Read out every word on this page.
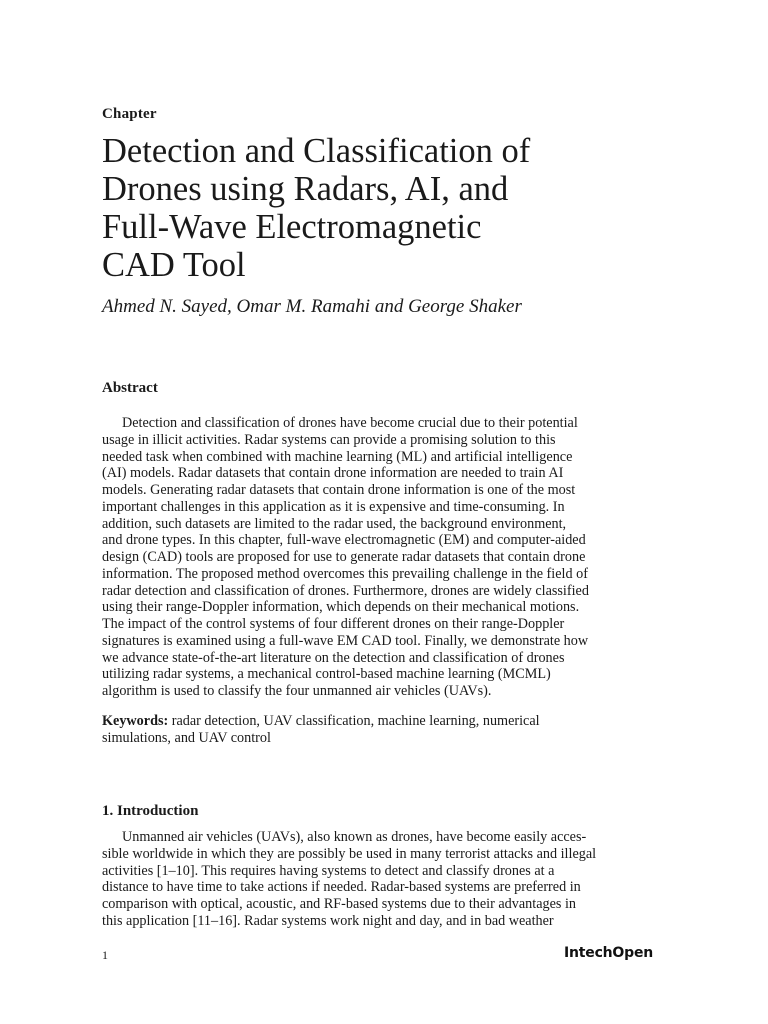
Chapter
Detection and Classification of
Drones using Radars, AI, and
Full-Wave Electromagnetic
CAD Tool
Ahmed N. Sayed, Omar M. Ramahi and George Shaker
Abstract
Detection and classification of drones have become crucial due to their potential
usage in illicit activities. Radar systems can provide a promising solution to this
needed task when combined with machine learning (ML) and artificial intelligence
(AI) models. Radar datasets that contain drone information are needed to train AI
models. Generating radar datasets that contain drone information is one of the most
important challenges in this application as it is expensive and time-consuming. In
addition, such datasets are limited to the radar used, the background environment,
and drone types. In this chapter, full-wave electromagnetic (EM) and computer-aided
design (CAD) tools are proposed for use to generate radar datasets that contain drone
information. The proposed method overcomes this prevailing challenge in the field of
radar detection and classification of drones. Furthermore, drones are widely classified
using their range-Doppler information, which depends on their mechanical motions.
The impact of the control systems of four different drones on their range-Doppler
signatures is examined using a full-wave EM CAD tool. Finally, we demonstrate how
we advance state-of-the-art literature on the detection and classification of drones
utilizing radar systems, a mechanical control-based machine learning (MCML)
algorithm is used to classify the four unmanned air vehicles (UAVs).
Keywords: radar detection, UAV classification, machine learning, numerical
simulations, and UAV control
1. Introduction
Unmanned air vehicles (UAVs), also known as drones, have become easily acces-
sible worldwide in which they are possibly be used in many terrorist attacks and illegal
activities [1–10]. This requires having systems to detect and classify drones at a
distance to have time to take actions if needed. Radar-based systems are preferred in
comparison with optical, acoustic, and RF-based systems due to their advantages in
this application [11–16]. Radar systems work night and day, and in bad weather
1	IntechOpen
